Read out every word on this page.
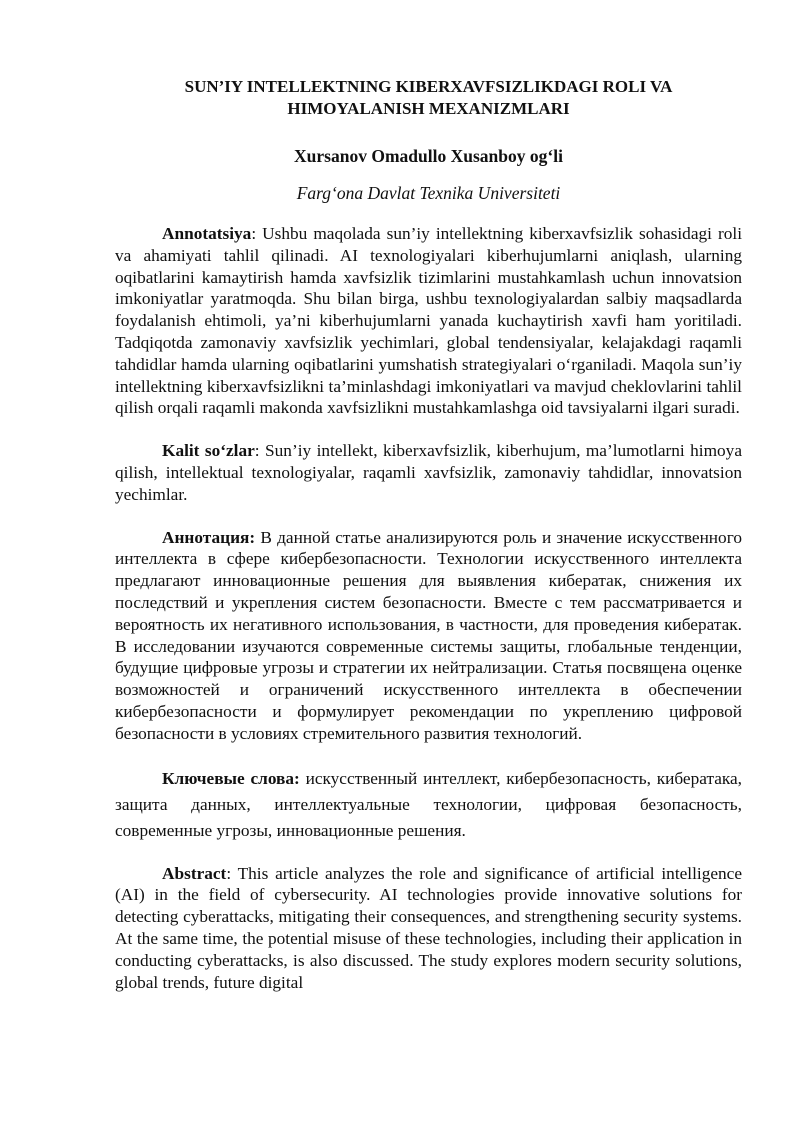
SUN’IY INTELLEKTNING KIBERXAVFSIZLIKDAGI ROLI VA
HIMOYALANISH MEXANIZMLARI

Xursanov Omadullo Xusanboy og‘li

Farg‘ona Davlat Texnika Universiteti

Annotatsiya: Ushbu maqolada sun’iy intellektning kiberxavfsizlik sohasidagi roli va ahamiyati tahlil qilinadi. AI texnologiyalari kiberhujumlarni aniqlash, ularning oqibatlarini kamaytirish hamda xavfsizlik tizimlarini mustahkamlash uchun innovatsion imkoniyatlar yaratmoqda. Shu bilan birga, ushbu texnologiyalardan salbiy maqsadlarda foydalanish ehtimoli, ya’ni kiberhujumlarni yanada kuchaytirish xavfi ham yoritiladi. Tadqiqotda zamonaviy xavfsizlik yechimlari, global tendensiyalar, kelajakdagi raqamli tahdidlar hamda ularning oqibatlarini yumshatish strategiyalari o‘rganiladi. Maqola sun’iy intellektning kiberxavfsizlikni ta’minlashdagi imkoniyatlari va mavjud cheklovlarini tahlil qilish orqali raqamli makonda xavfsizlikni mustahkamlashga oid tavsiyalarni ilgari suradi.

Kalit so‘zlar: Sun’iy intellekt, kiberxavfsizlik, kiberhujum, ma’lumotlarni himoya qilish, intellektual texnologiyalar, raqamli xavfsizlik, zamonaviy tahdidlar, innovatsion yechimlar.

Аннотация: В данной статье анализируются роль и значение искусственного интеллекта в сфере кибербезопасности. Технологии искусственного интеллекта предлагают инновационные решения для выявления кибератак, снижения их последствий и укрепления систем безопасности. Вместе с тем рассматривается и вероятность их негативного использования, в частности, для проведения кибератак. В исследовании изучаются современные системы защиты, глобальные тенденции, будущие цифровые угрозы и стратегии их нейтрализации. Статья посвящена оценке возможностей и ограничений искусственного интеллекта в обеспечении кибербезопасности и формулирует рекомендации по укреплению цифровой безопасности в условиях стремительного развития технологий.

Ключевые слова: искусственный интеллект, кибербезопасность, кибератака, защита данных, интеллектуальные технологии, цифровая безопасность, современные угрозы, инновационные решения.

Abstract: This article analyzes the role and significance of artificial intelligence (AI) in the field of cybersecurity. AI technologies provide innovative solutions for detecting cyberattacks, mitigating their consequences, and strengthening security systems. At the same time, the potential misuse of these technologies, including their application in conducting cyberattacks, is also discussed. The study explores modern security solutions, global trends, future digital
